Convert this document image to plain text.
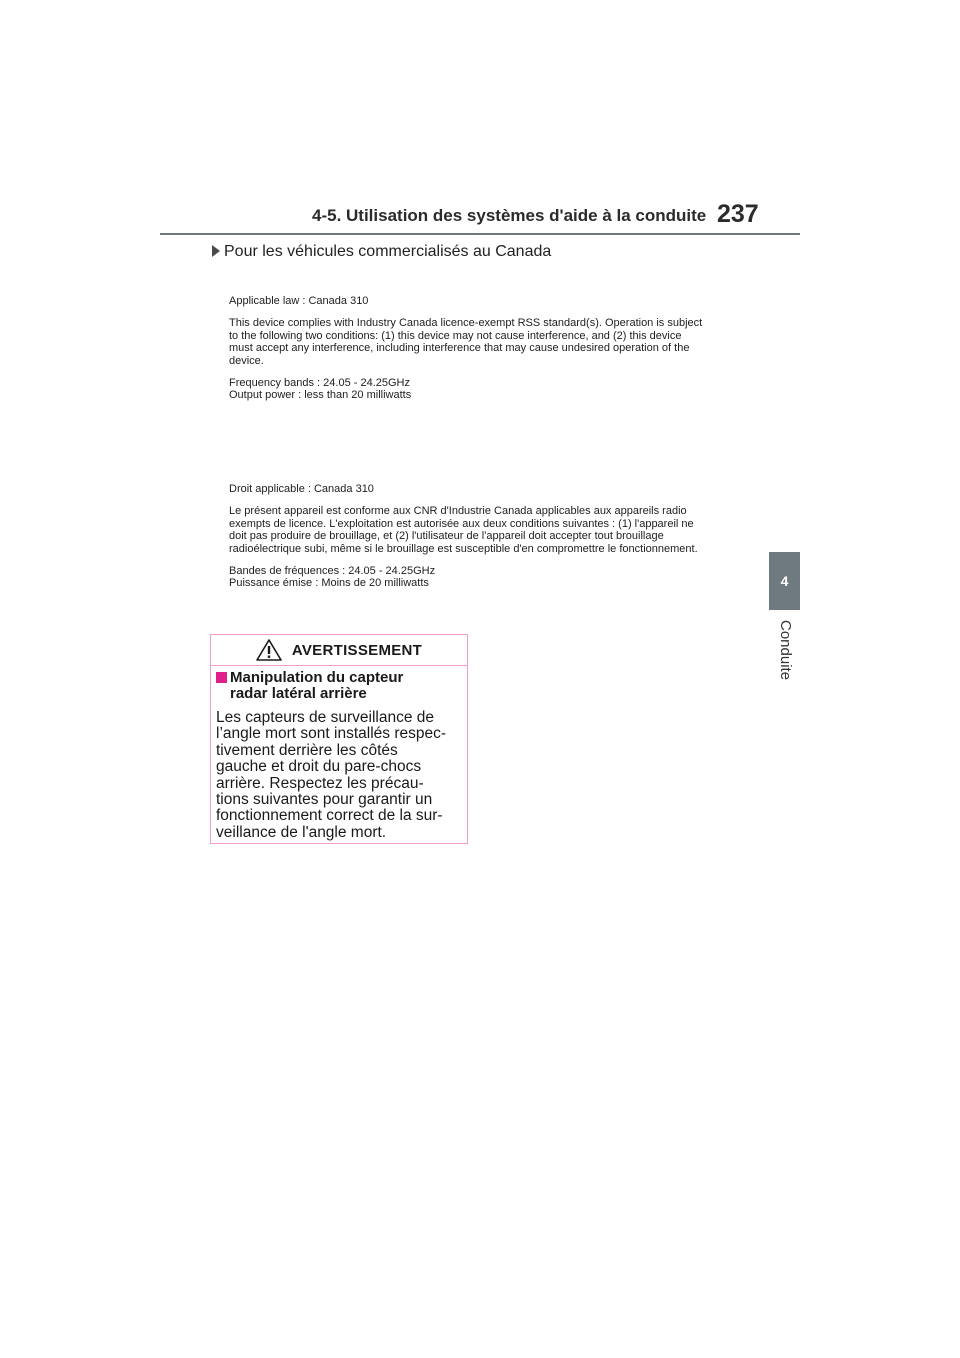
4-5. Utilisation des systèmes d'aide à la conduite 237
Pour les véhicules commercialisés au Canada

Applicable law : Canada 310

This device complies with Industry Canada licence-exempt RSS standard(s). Operation is subject
to the following two conditions: (1) this device may not cause interference, and (2) this device
must accept any interference, including interference that may cause undesired operation of the
device.

Frequency bands : 24.05 - 24.25GHz

Output power : less than 20 milliwatts

Droit applicable : Canada 310

Le présent appareil est conforme aux CNR d'Industrie Canada applicables aux appareils radio
exempts de licence. L'exploitation est autorisée aux deux conditions suivantes : (1) l'appareil ne
doit pas produire de brouillage, et (2) l'utilisateur de l'appareil doit accepter tout brouillage
radioélectrique subi, même si le brouillage est susceptible d'en compromettre le fonctionnement.

Bandes de fréquences : 24.05 - 24.25GHz

Puissance émise : Moins de 20 milliwatts	4
Conduite
AVERTISSEMENT
Manipulation du capteur
radar latéral arrière
Les capteurs de surveillance de
l’angle mort sont installés respec-
tivement derrière les côtés
gauche et droit du pare-chocs
arrière. Respectez les précau-
tions suivantes pour garantir un
fonctionnement correct de la sur-
veillance de l'angle mort.
